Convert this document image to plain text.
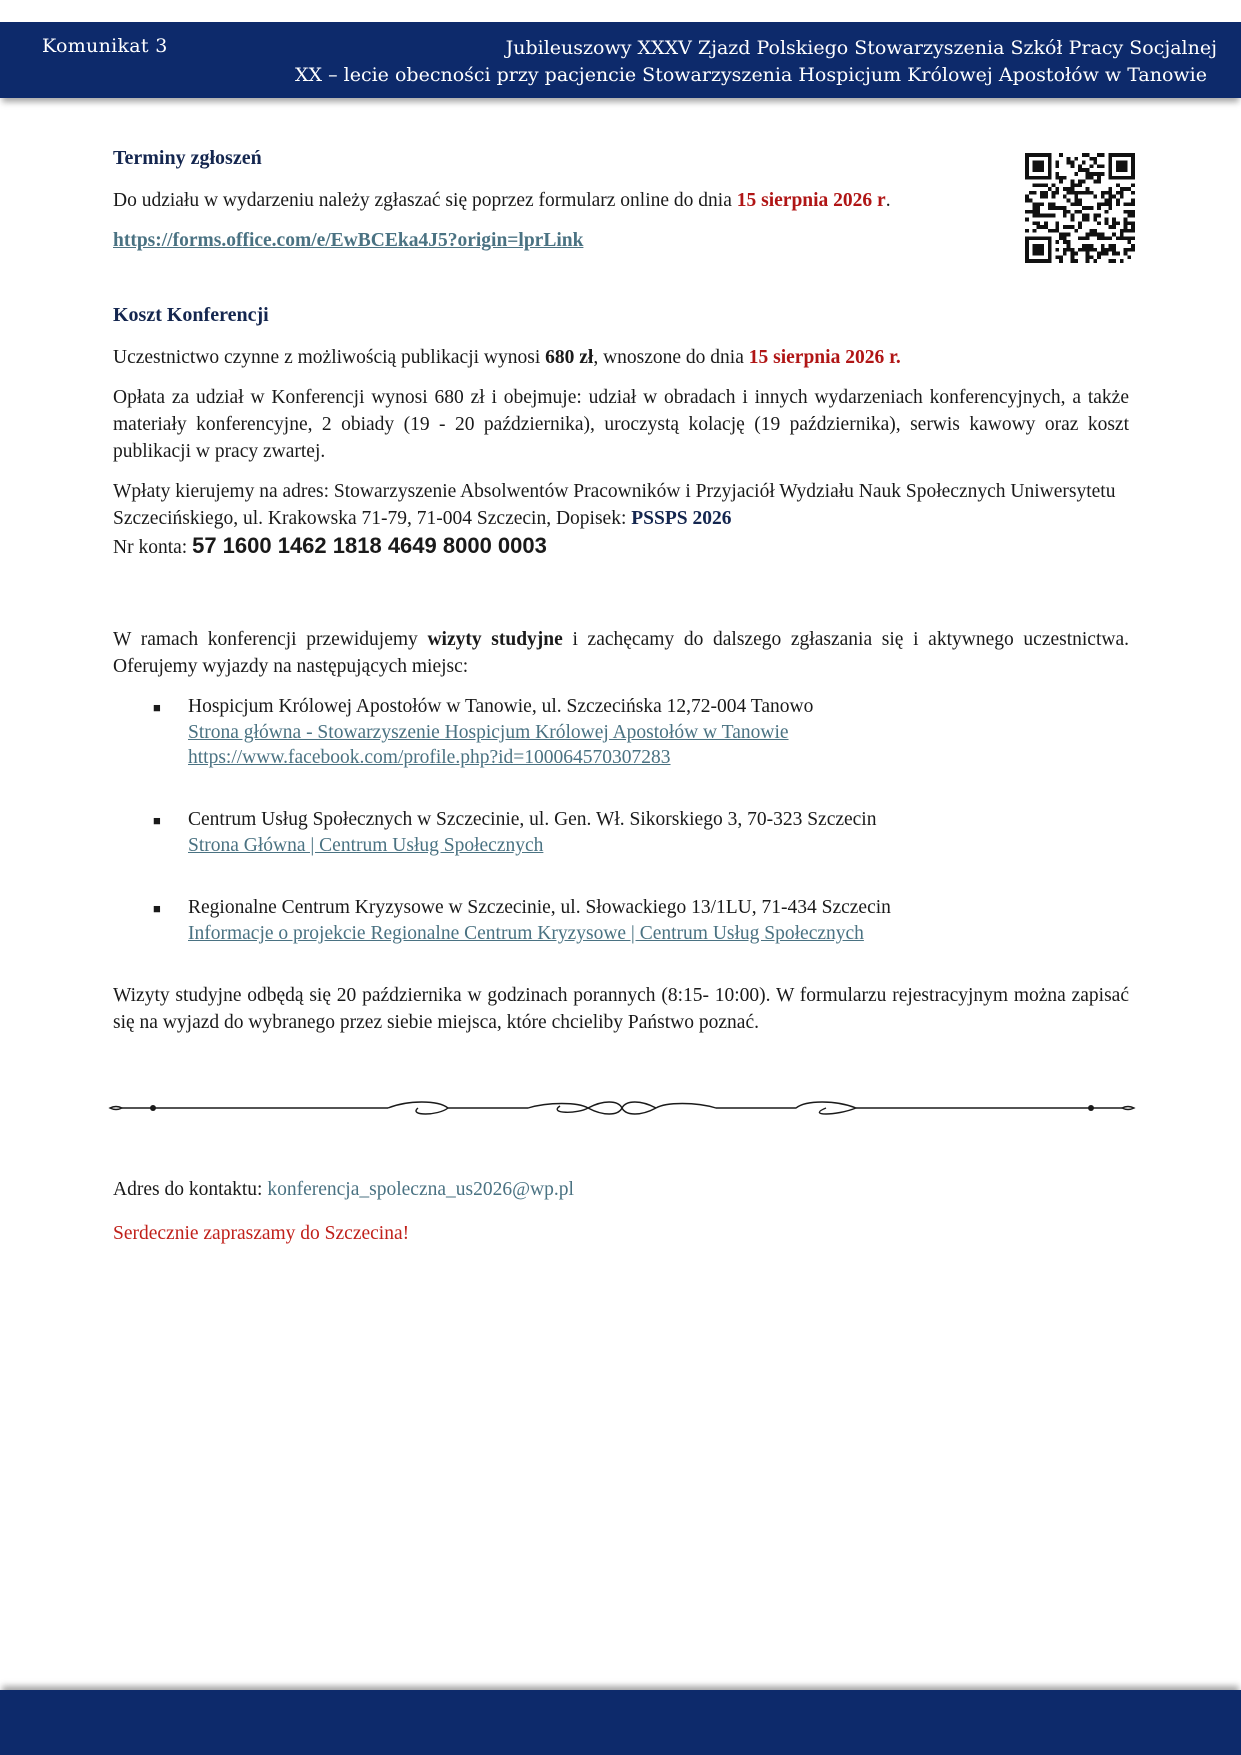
Komunikat 3	Jubileuszowy XXXV Zjazd Polskiego Stowarzyszenia Szkół Pracy Socjalnej
XX – lecie obecności przy pacjencie Stowarzyszenia Hospicjum Królowej Apostołów w Tanowie
Terminy zgłoszeń

Do udziału w wydarzeniu należy zgłaszać się poprzez formularz online do dnia 15 sierpnia 2026 r.

https://forms.office.com/e/EwBCEka4J5?origin=lprLink

Koszt Konferencji

Uczestnictwo czynne z możliwością publikacji wynosi 680 zł, wnoszone do dnia 15 sierpnia 2026 r.

Opłata za udział w Konferencji wynosi 680 zł i obejmuje: udział w obradach i innych wydarzeniach konferencyjnych, a także materiały konferencyjne, 2 obiady (19 - 20 października), uroczystą kolację (19 października), serwis kawowy oraz koszt publikacji w pracy zwartej.

Wpłaty kierujemy na adres: Stowarzyszenie Absolwentów Pracowników i Przyjaciół Wydziału Nauk Społecznych Uniwersytetu Szczecińskiego, ul. Krakowska 71-79, 71-004 Szczecin, Dopisek: PSSPS 2026
Nr konta: 57 1600 1462 1818 4649 8000 0003

W ramach konferencji przewidujemy wizyty studyjne i zachęcamy do dalszego zgłaszania się i aktywnego uczestnictwa. Oferujemy wyjazdy na następujących miejsc:

■ Hospicjum Królowej Apostołów w Tanowie, ul. Szczecińska 12,72-004 Tanowo
Strona główna - Stowarzyszenie Hospicjum Królowej Apostołów w Tanowie
https://www.facebook.com/profile.php?id=100064570307283
■ Centrum Usług Społecznych w Szczecinie, ul. Gen. Wł. Sikorskiego 3, 70-323 Szczecin
Strona Główna | Centrum Usług Społecznych
■ Regionalne Centrum Kryzysowe w Szczecinie, ul. Słowackiego 13/1LU, 71-434 Szczecin
Informacje o projekcie Regionalne Centrum Kryzysowe | Centrum Usług Społecznych

Wizyty studyjne odbędą się 20 października w godzinach porannych (8:15- 10:00). W formularzu rejestracyjnym można zapisać się na wyjazd do wybranego przez siebie miejsca, które chcieliby Państwo poznać.

Adres do kontaktu: konferencja_spoleczna_us2026@wp.pl

Serdecznie zapraszamy do Szczecina!
